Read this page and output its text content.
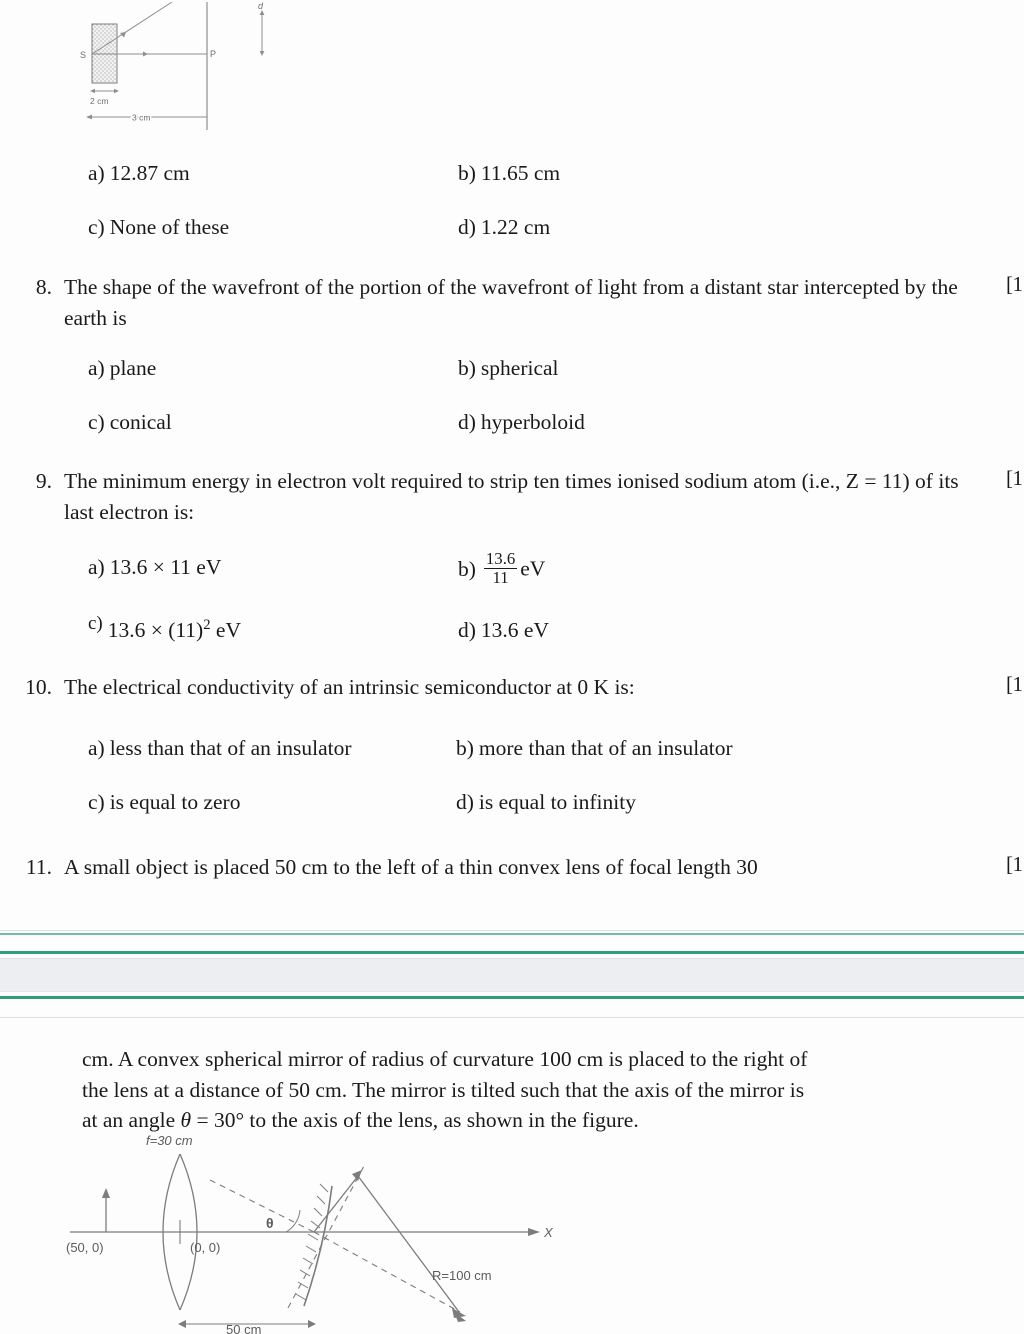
S	P
d
2 cm
3 cm
a) 12.87 cm	b) 11.65 cm
c) None of these	d) 1.22 cm
[1
8. The shape of the wavefront of the portion of the wavefront of light from a distant star intercepted by the earth is
a) plane	b) spherical
c) conical	d) hyperboloid
[1
9. The minimum energy in electron volt required to strip ten times ionised sodium atom (i.e., Z = 11) of its last electron is:
a) 13.6 × 11 eV	$b) \frac{13.6}{11}$ eV
c) $13.6 \times (11)^2$ eV	d) 13.6 eV
[1
10. The electrical conductivity of an intrinsic semiconductor at 0 K is:
a) less than that of an insulator	b) more than that of an insulator
c) is equal to zero	d) is equal to infinity
[1
11. A small object is placed 50 cm to the left of a thin convex lens of focal length 30
cm. A convex spherical mirror of radius of curvature 100 cm is placed to the right of
the lens at a distance of 50 cm. The mirror is tilted such that the axis of the mirror is
at an angle θ = 30° to the axis of the lens, as shown in the figure.
f=30 cm
(50, 0)	(0, 0)
θ
X
R=100 cm
50 cm
